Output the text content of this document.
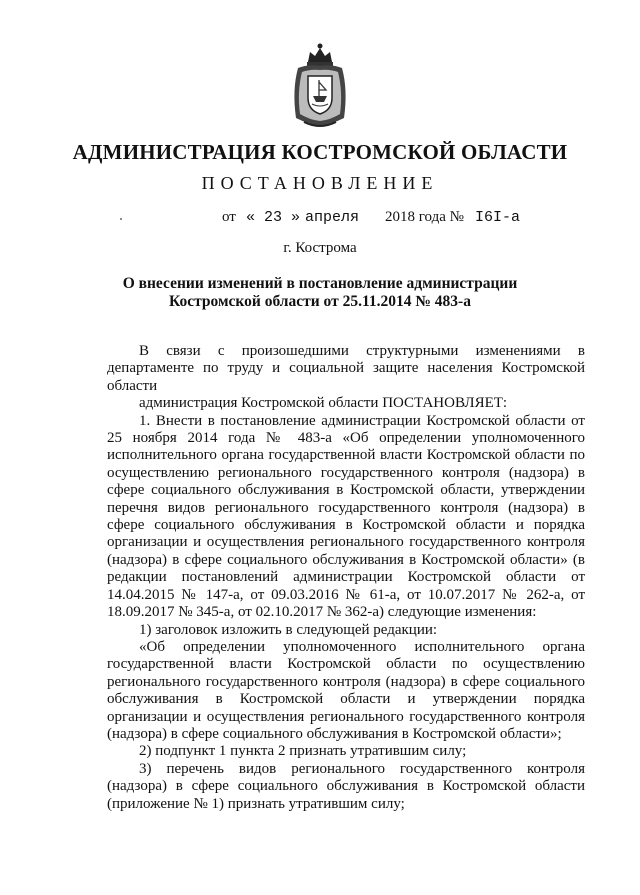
АДМИНИСТРАЦИЯ КОСТРОМСКОЙ ОБЛАСТИ
ПОСТАНОВЛЕНИЕ
от « 23 » апреля 2018 года № I6I-а
г. Кострома
О внесении изменений в постановление администрации
Костромской области от 25.11.2014 № 483-а

В связи с произошедшими структурными изменениями в департаменте по труду и социальной защите населения Костромской области

администрация Костромской области ПОСТАНОВЛЯЕТ:

1. Внести в постановление администрации Костромской области от 25 ноября 2014 года № 483-а «Об определении уполномоченного исполнительного органа государственной власти Костромской области по осуществлению регионального государственного контроля (надзора) в сфере социального обслуживания в Костромской области, утверждении перечня видов регионального государственного контроля (надзора) в сфере социального обслуживания в Костромской области и порядка организации и осуществления регионального государственного контроля (надзора) в сфере социального обслуживания в Костромской области» (в редакции постановлений администрации Костромской области от 14.04.2015 № 147-а, от 09.03.2016 № 61-а, от 10.07.2017 № 262-а, от 18.09.2017 № 345-а, от 02.10.2017 № 362-а) следующие изменения:

1) заголовок изложить в следующей редакции:

«Об определении уполномоченного исполнительного органа государственной власти Костромской области по осуществлению регионального государственного контроля (надзора) в сфере социального обслуживания в Костромской области и утверждении порядка организации и осуществления регионального государственного контроля (надзора) в сфере социального обслуживания в Костромской области»;

2) подпункт 1 пункта 2 признать утратившим силу;

3) перечень видов регионального государственного контроля (надзора) в сфере социального обслуживания в Костромской области (приложение № 1) признать утратившим силу;
